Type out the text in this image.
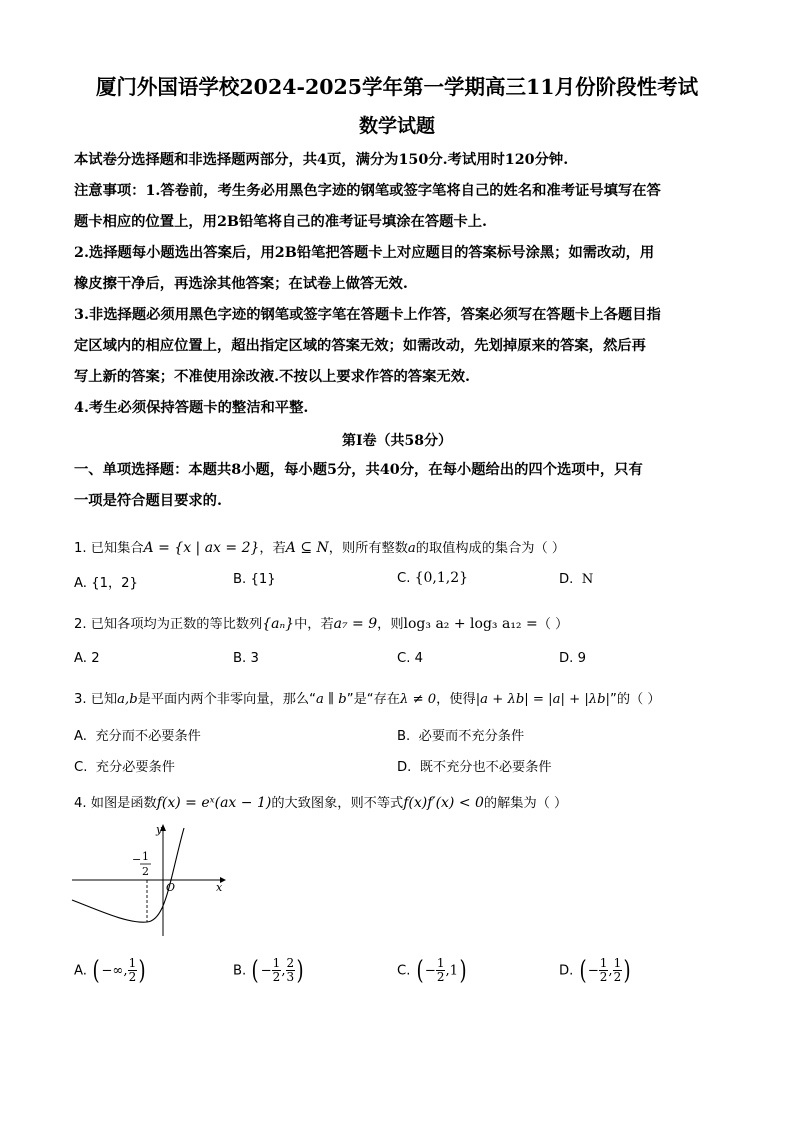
厦门外国语学校2024-2025学年第一学期高三11月份阶段性考试
数学试题
本试卷分选择题和非选择题两部分，共4页，满分为150分.考试用时120分钟.
注意事项：1.答卷前，考生务必用黑色字迹的钢笔或签字笔将自己的姓名和准考证号填写在答
题卡相应的位置上，用2B铅笔将自己的准考证号填涂在答题卡上.
2.选择题每小题选出答案后，用2B铅笔把答题卡上对应题目的答案标号涂黑；如需改动，用
橡皮擦干净后，再选涂其他答案；在试卷上做答无效.
3.非选择题必须用黑色字迹的钢笔或签字笔在答题卡上作答，答案必须写在答题卡上各题目指
定区域内的相应位置上，超出指定区域的答案无效；如需改动，先划掉原来的答案，然后再
写上新的答案；不准使用涂改液.不按以上要求作答的答案无效.
4.考生必须保持答题卡的整洁和平整.
第Ⅰ卷（共58分）
一、单项选择题：本题共8小题，每小题5分，共40分，在每小题给出的四个选项中，只有
一项是符合题目要求的.
1. 已知集合A = {x | ax = 2}，若A ⊆ N，则所有整数a的取值构成的集合为（ ）
A. {1，2}	B. {1}	C. {0,1,2}	D. N
2. 已知各项均为正数的等比数列{aₙ}中，若a₇ = 9，则log₃ a₂ + log₃ a₁₂ =（ ）
A. 2	B. 3	C. 4	D. 9
3. 已知a,b是平面内两个非零向量，那么“a ∥ b”是“存在λ ≠ 0，使得|a + λb| = |a| + |λb|”的（ ）
A. 充分而不必要条件	B. 必要而不充分条件
C. 充分必要条件	D. 既不充分也不必要条件
4. 如图是函数f(x) = eˣ(ax − 1)的大致图象，则不等式f(x)f′(x) < 0的解集为（ ）
y
x
O
− 1
2
A. ( −∞, $\frac{1}{2}$ )	B. ( − $\frac{1}{2}$ , $\frac{2}{3}$ )	C. ( − $\frac{1}{2} ,1$)	D. ( − $\frac{1}{2}$ , $\frac{1}{2}$ )
